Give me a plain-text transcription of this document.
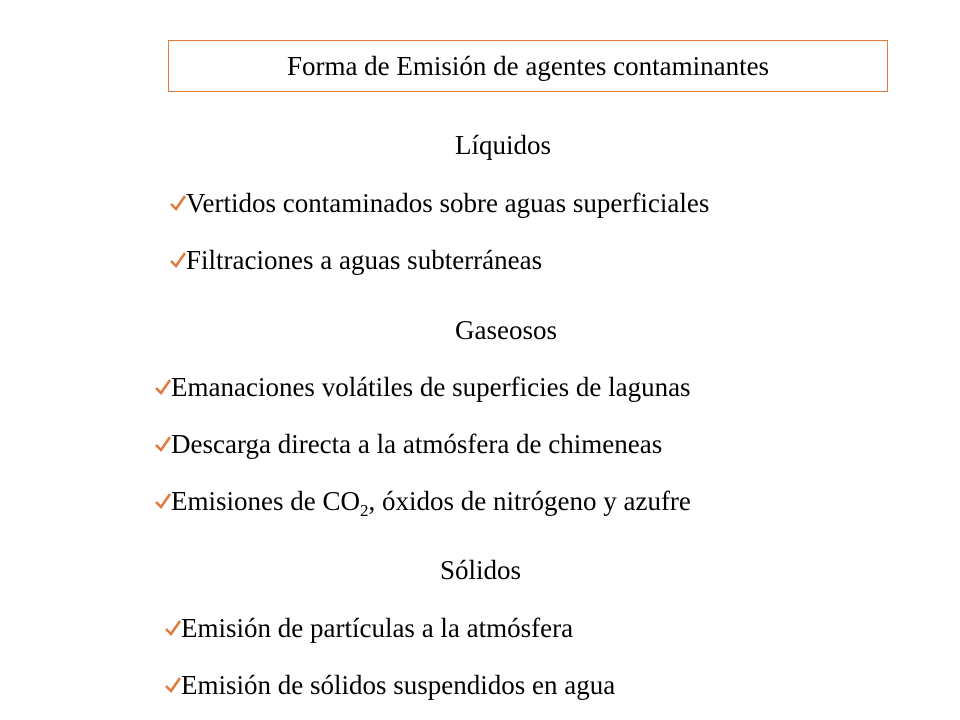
Forma de Emisión de agentes contaminantes
Líquidos
Vertidos contaminados sobre aguas superficiales
Filtraciones a aguas subterráneas
Gaseosos
Emanaciones volátiles de superficies de lagunas
Descarga directa a la atmósfera de chimeneas
Emisiones de $CO_2$, óxidos de nitrógeno y azufre
Sólidos
Emisión de partículas a la atmósfera
Emisión de sólidos suspendidos en agua
